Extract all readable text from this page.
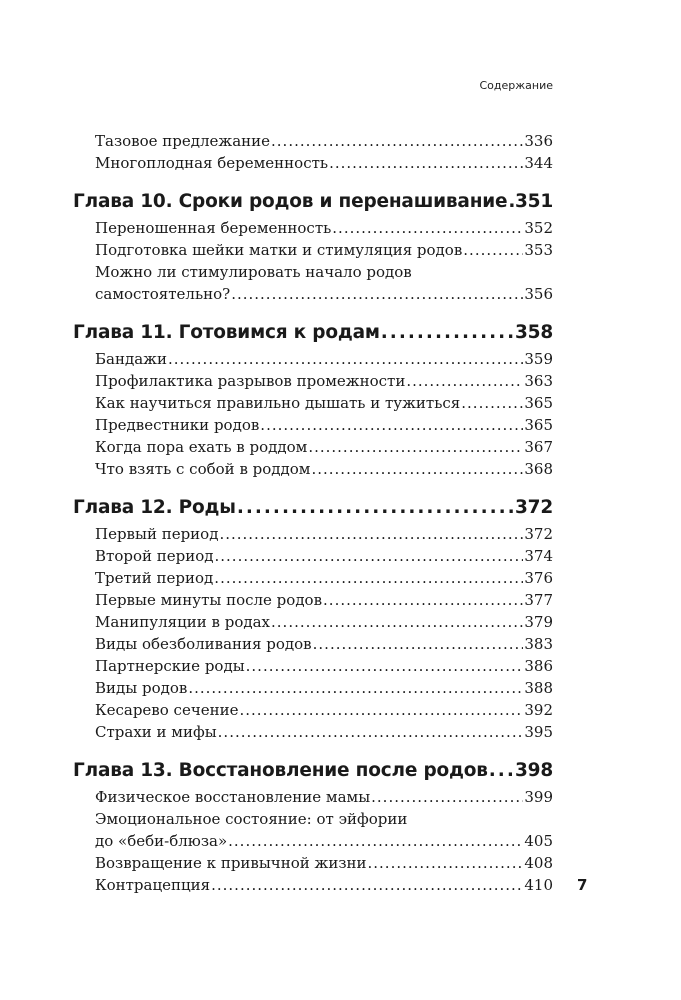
Содержание
Тазовое предлежание .....	336
Многоплодная беременность .....	344
Глава 10. Сроки родов и перенашивание ..... 351
Переношенная беременность .....	352
Подготовка шейки матки и стимуляция родов .....	353
Можно ли стимулировать начало родов
самостоятельно? .....	356
Глава 11. Готовимся к родам .....	358
Бандажи .....	359
Профилактика разрывов промежности .....	363
Как научиться правильно дышать и тужиться .....	365
Предвестники родов .....	365
Когда пора ехать в роддом .....	367
Что взять с собой в роддом .....	368
Глава 12. Роды .....	372
Первый период .....	372
Второй период .....	374
Третий период .....	376
Первые минуты после родов .....	377
Манипуляции в родах .....	379
Виды обезболивания родов .....	383
Партнерские роды .....	386
Виды родов .....	388
Кесарево сечение .....	392
Страхи и мифы .....	395
Глава 13. Восстановление после родов ..... 398
Физическое восстановление мамы .....	399
Эмоциональное состояние: от эйфории
до «беби-блюза» .....	405
Возвращение к привычной жизни .....	408
Контрацепция .....	410 7
